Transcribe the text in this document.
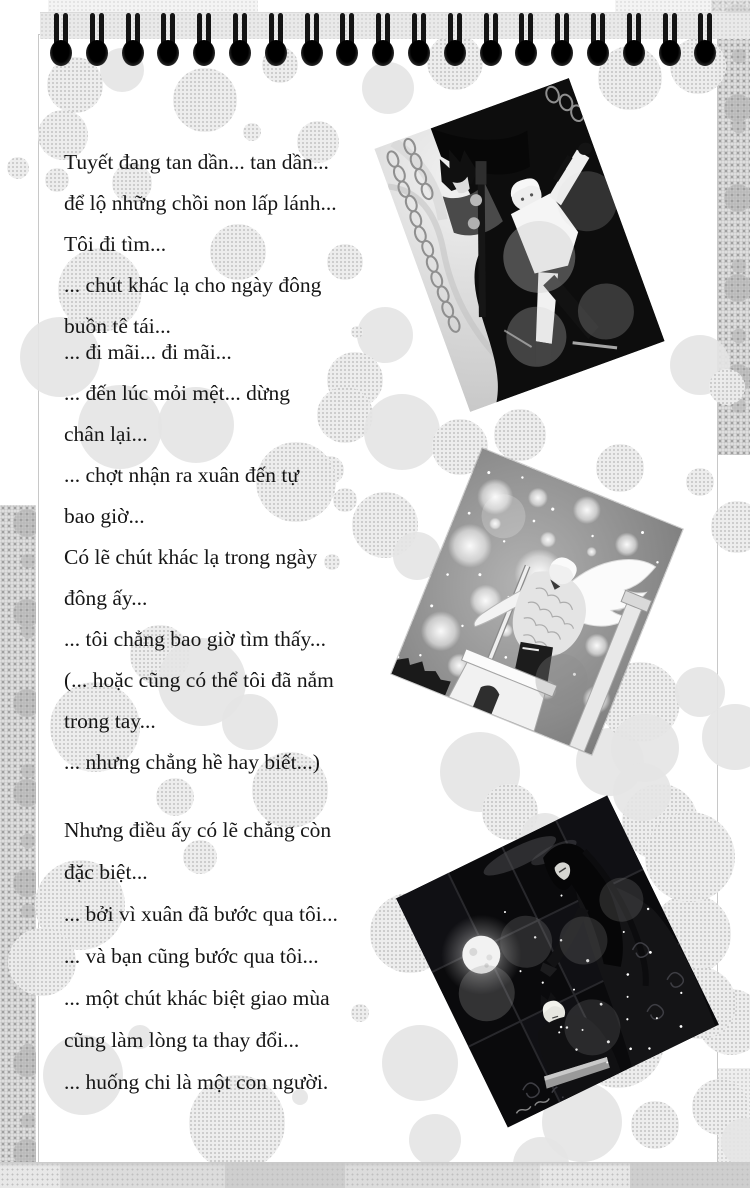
Tuyết đang tan dần... tan dần...
để lộ những chồi non lấp lánh...
Tôi đi tìm...
... chút khác lạ cho ngày đông
buồn tê tái...
... đi mãi... đi mãi...
... đến lúc mỏi mệt... dừng
chân lại...
... chợt nhận ra xuân đến tự
bao giờ...
Có lẽ chút khác lạ trong ngày
đông ấy...
... tôi chẳng bao giờ tìm thấy...
(... hoặc cũng có thể tôi đã nắm
trong tay...
... nhưng chẳng hề hay biết...)
Nhưng điều ấy có lẽ chẳng còn
đặc biệt...
... bởi vì xuân đã bước qua tôi...
... và bạn cũng bước qua tôi...
... một chút khác biệt giao mùa
cũng làm lòng ta thay đổi...
... huống chi là một con người.
